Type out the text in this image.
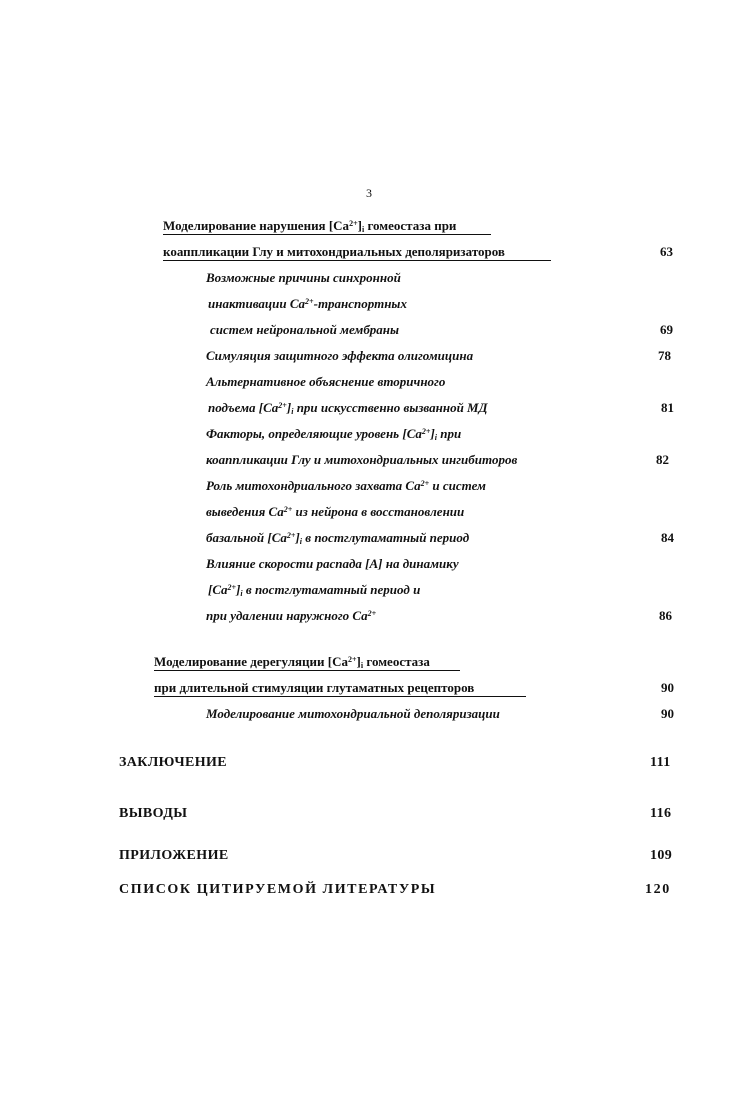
3
Моделирование нарушения $[Ca^{2+}]_i$ гомеостаза при
коаппликации Глу и митохондриальных деполяризаторов	63
Возможные причины синхронной
инактивации $Ca^{2+}$-транспортных
систем нейрональной мембраны	69
Симуляция защитного эффекта олигомицина	78
Альтернативное объяснение вторичного
подъема $[Ca^{2+}]_i$ при искусственно вызванной МД	81
Факторы, определяющие уровень $[Ca^{2+}]_i$ при
коаппликации Глу и митохондриальных ингибиторов	82
Роль митохондриального захвата $Ca^{2+}$ и систем
выведения $Ca^{2+}$ из нейрона в восстановлении
базальной $[Ca^{2+}]_i$ в постглутаматный период	84
Влияние скорости распада [A] на динамику
$[Ca^{2+}]_i$ в постглутаматный период и
при удалении наружного $Ca^{2+}$	86
Моделирование дерегуляции $[Ca^{2+}]_i$ гомеостаза
при длительной стимуляции глутаматных рецепторов	90
Моделирование митохондриальной деполяризации	90
ЗАКЛЮЧЕНИЕ	111
ВЫВОДЫ	116
ПРИЛОЖЕНИЕ	109
СПИСОК ЦИТИРУЕМОЙ ЛИТЕРАТУРЫ	120
